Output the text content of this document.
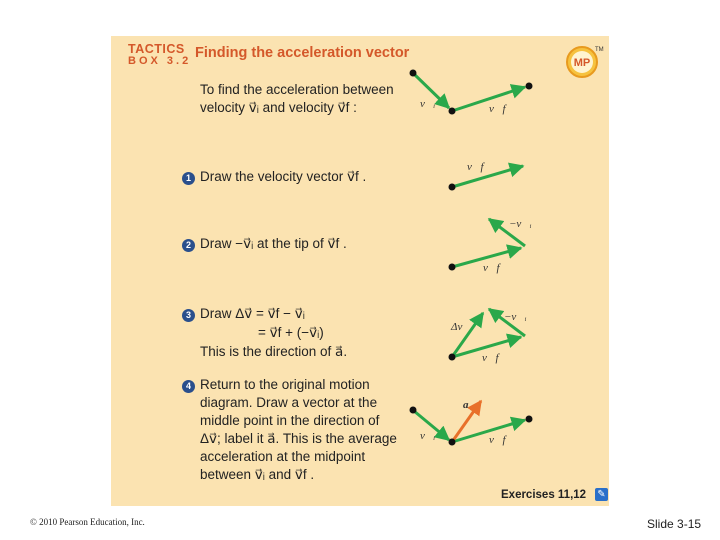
TACTICS
BOX 3.2 Finding the acceleration vector
MP
TM
To find the acceleration between
velocity v⃗ᵢ and velocity v⃗f :
1 Draw the velocity vector v⃗f .
2 Draw −v⃗ᵢ at the tip of v⃗f .
3 Draw Δv⃗ = v⃗f − v⃗ᵢ
= v⃗f + (−v⃗ᵢ)
This is the direction of a⃗.
4 Return to the original motion
diagram. Draw a vector at the
middle point in the direction of
Δv⃗; label it a⃗. This is the average
acceleration at the midpoint
between v⃗ᵢ and v⃗f .
v⃗ᵢ	v⃗f
v⃗f
−v⃗ᵢ
v⃗f
Δv⃗
−v⃗ᵢ
v⃗f
a⃗
v⃗ᵢ	v⃗f
Exercises 11,12 ✎
© 2010 Pearson Education, Inc.	Slide 3-15
